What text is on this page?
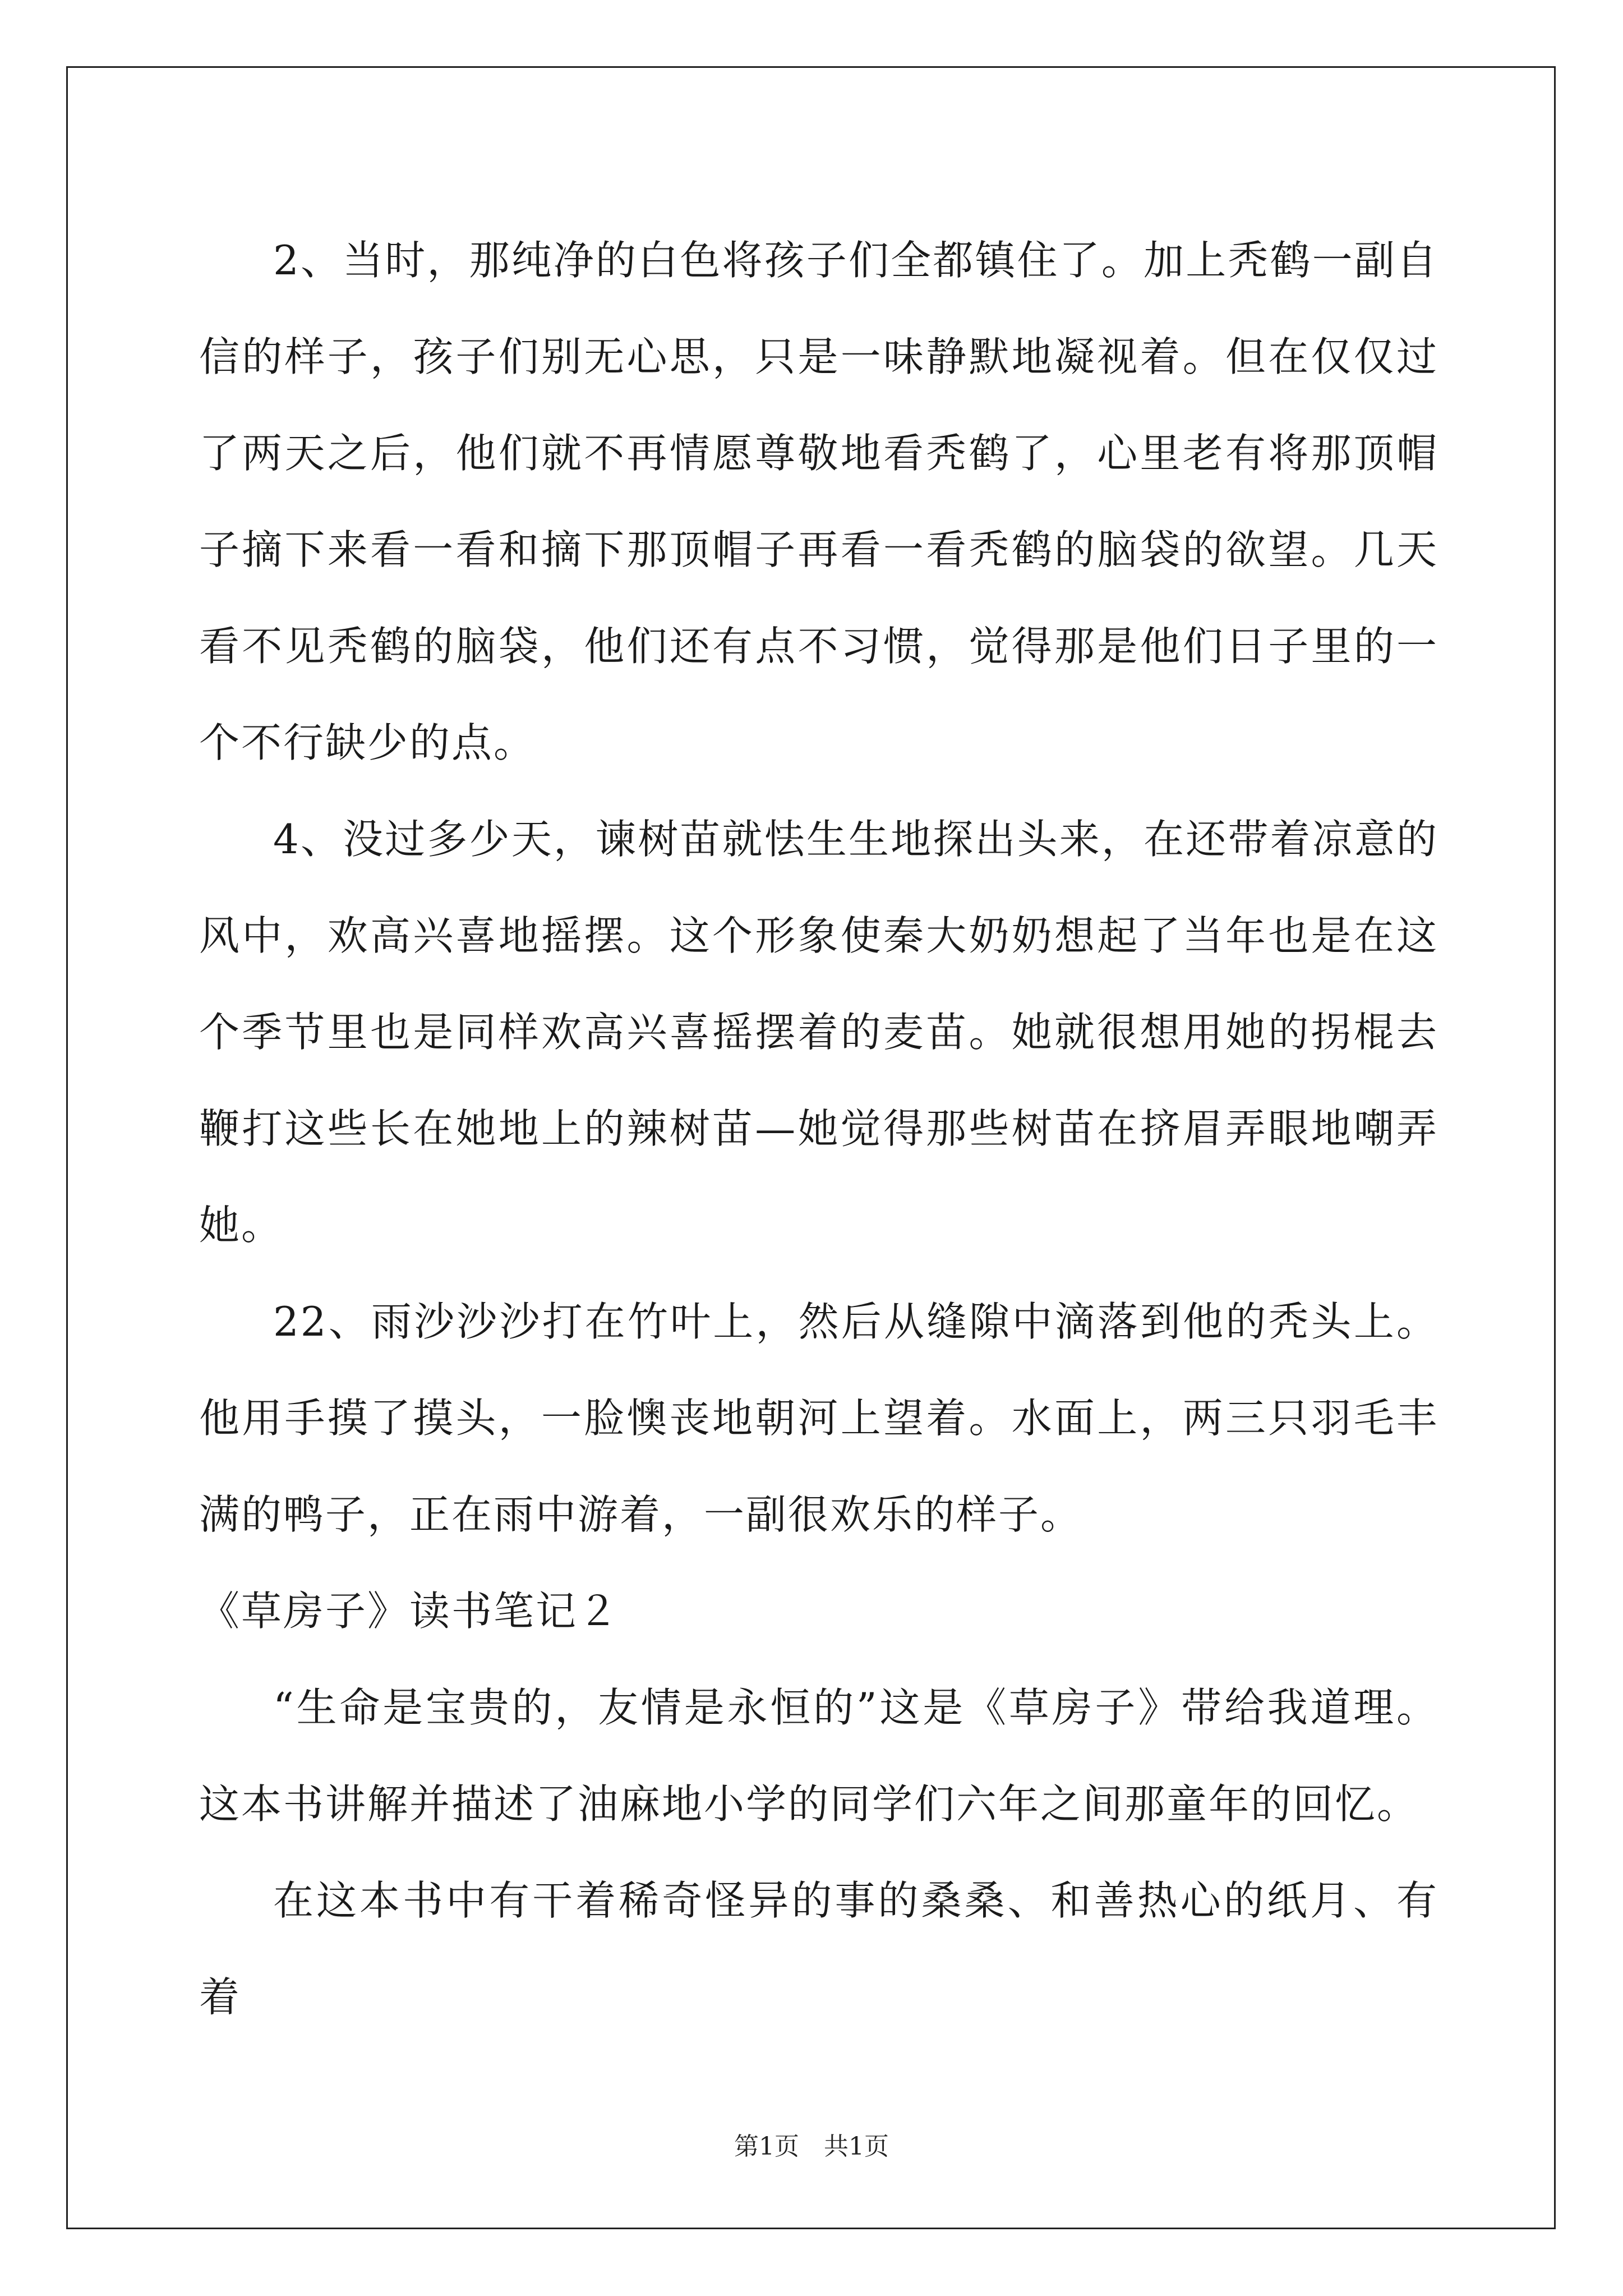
2、当时，那纯净的白色将孩子们全都镇住了。加上秃鹤一副自信的样子，孩子们别无心思，只是一味静默地凝视着。但在仅仅过了两天之后，他们就不再情愿尊敬地看秃鹤了，心里老有将那顶帽子摘下来看一看和摘下那顶帽子再看一看秃鹤的脑袋的欲望。几天看不见秃鹤的脑袋，他们还有点不习惯，觉得那是他们日子里的一个不行缺少的点。

4、没过多少天，谏树苗就怯生生地探出头来，在还带着凉意的风中，欢高兴喜地摇摆。这个形象使秦大奶奶想起了当年也是在这个季节里也是同样欢高兴喜摇摆着的麦苗。她就很想用她的拐棍去鞭打这些长在她地上的辣树苗—她觉得那些树苗在挤眉弄眼地嘲弄她。

22、雨沙沙沙打在竹叶上，然后从缝隙中滴落到他的秃头上。他用手摸了摸头，一脸懊丧地朝河上望着。水面上，两三只羽毛丰满的鸭子，正在雨中游着，一副很欢乐的样子。

《草房子》读书笔记２

“生命是宝贵的，友情是永恒的”这是《草房子》带给我道理。这本书讲解并描述了油麻地小学的同学们六年之间那童年的回忆。

在这本书中有干着稀奇怪异的事的桑桑、和善热心的纸月、有着

第1页　共1页
